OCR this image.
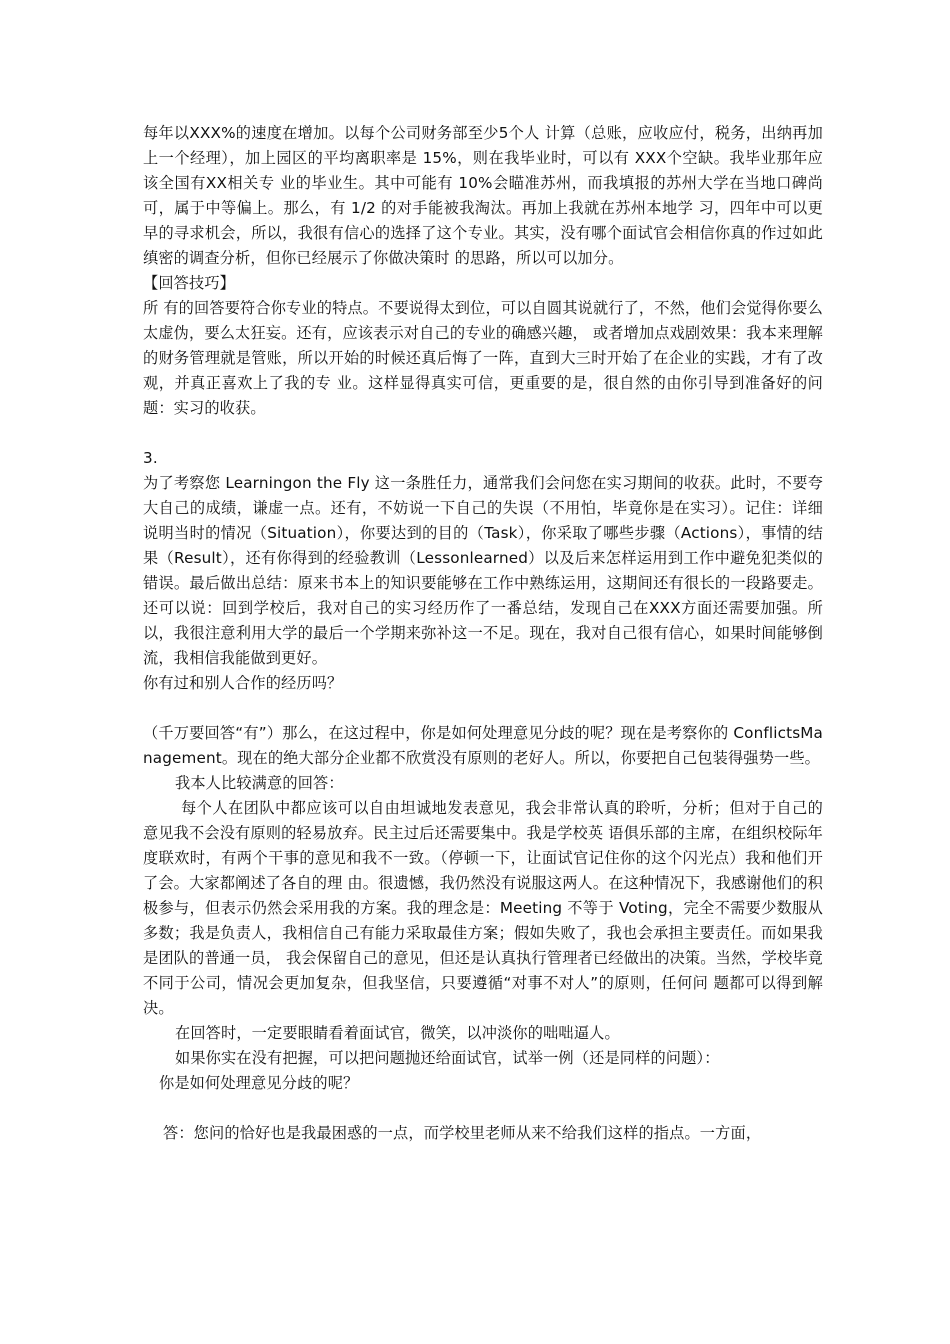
每年以XXX%的速度在增加。以每个公司财务部至少5个人 计算（总账，应收应付，税务，出纳再加上一个经理），加上园区的平均离职率是 15%，则在我毕业时，可以有 XXX个空缺。我毕业那年应该全国有XX相关专 业的毕业生。其中可能有 10%会瞄准苏州，而我填报的苏州大学在当地口碑尚可，属于中等偏上。那么，有 1/2 的对手能被我淘汰。再加上我就在苏州本地学 习，四年中可以更早的寻求机会，所以，我很有信心的选择了这个专业。其实，没有哪个面试官会相信你真的作过如此缜密的调查分析，但你已经展示了你做决策时 的思路，所以可以加分。

【回答技巧】

所 有的回答要符合你专业的特点。不要说得太到位，可以自圆其说就行了，不然，他们会觉得你要么太虚伪，要么太狂妄。还有，应该表示对自己的专业的确感兴趣， 或者增加点戏剧效果：我本来理解的财务管理就是管账，所以开始的时候还真后悔了一阵，直到大三时开始了在企业的实践，才有了改观，并真正喜欢上了我的专 业。这样显得真实可信，更重要的是，很自然的由你引导到准备好的问题：实习的收获。

3.

为了考察您 Learningon the Fly 这一条胜任力，通常我们会问您在实习期间的收获。此时，不要夸大自己的成绩，谦虚一点。还有，不妨说一下自己的失误（不用怕，毕竟你是在实习）。记住：详细说明当时的情况（Situation），你要达到的目的（Task），你采取了哪些步骤（Actions），事情的结果（Result），还有你得到的经验教训（Lessonlearned）以及后来怎样运用到工作中避免犯类似的错误。最后做出总结：原来书本上的知识要能够在工作中熟练运用，这期间还有很长的一段路要走。还可以说：回到学校后，我对自己的实习经历作了一番总结，发现自己在XXX方面还需要加强。所以，我很注意利用大学的最后一个学期来弥补这一不足。现在，我对自己很有信心，如果时间能够倒流，我相信我能做到更好。

你有过和别人合作的经历吗？

（千万要回答“有”）那么，在这过程中，你是如何处理意见分歧的呢？现在是考察你的 ConflictsManagement。现在的绝大部分企业都不欣赏没有原则的老好人。所以，你要把自己包装得强势一些。

我本人比较满意的回答：

每个人在团队中都应该可以自由坦诚地发表意见，我会非常认真的聆听，分析；但对于自己的意见我不会没有原则的轻易放弃。民主过后还需要集中。我是学校英 语俱乐部的主席，在组织校际年度联欢时，有两个干事的意见和我不一致。（停顿一下，让面试官记住你的这个闪光点）我和他们开了会。大家都阐述了各自的理 由。很遗憾，我仍然没有说服这两人。在这种情况下，我感谢他们的积极参与，但表示仍然会采用我的方案。我的理念是：Meeting 不等于 Voting，完全不需要少数服从多数；我是负责人，我相信自己有能力采取最佳方案；假如失败了，我也会承担主要责任。而如果我是团队的普通一员， 我会保留自己的意见，但还是认真执行管理者已经做出的决策。当然，学校毕竟不同于公司，情况会更加复杂，但我坚信，只要遵循“对事不对人”的原则，任何问 题都可以得到解决。

在回答时，一定要眼睛看着面试官，微笑，以冲淡你的咄咄逼人。

如果你实在没有把握，可以把问题抛还给面试官，试举一例（还是同样的问题）：

你是如何处理意见分歧的呢？

答：您问的恰好也是我最困惑的一点，而学校里老师从来不给我们这样的指点。一方面，
